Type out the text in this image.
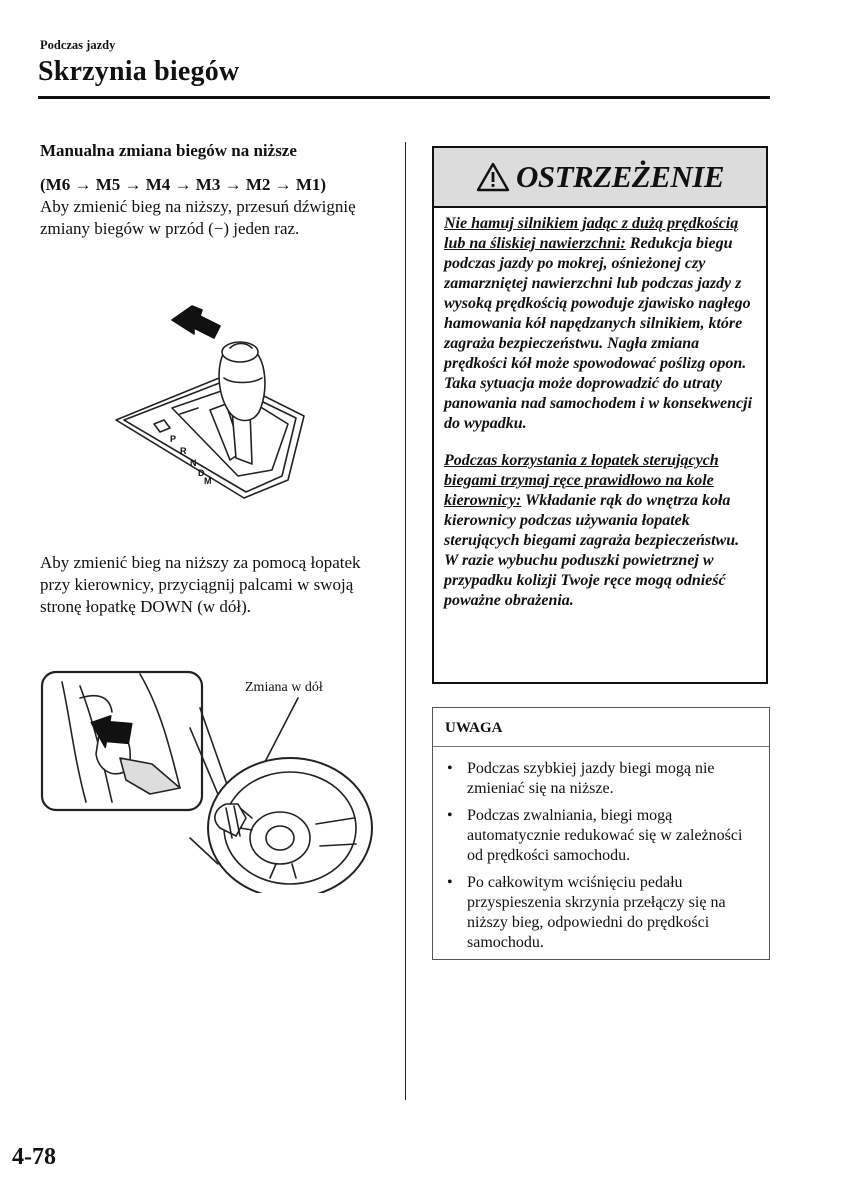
Podczas jazdy
Skrzynia biegów
Manualna zmiana biegów na niższe
(M6 → M5 → M4 → M3 → M2 → M1)

Aby zmienić bieg na niższy, przesuń dźwignię zmiany biegów w przód (−) jeden raz.

P
R
N
D
M

Aby zmienić bieg na niższy za pomocą łopatek przy kierownicy, przyciągnij palcami w swoją stronę łopatkę DOWN (w dół).

Zmiana w dół
OSTRZEŻENIE
Nie hamuj silnikiem jadąc z dużą prędkością lub na śliskiej nawierzchni: Redukcja biegu podczas jazdy po mokrej, ośnieżonej czy zamarzniętej nawierzchni lub podczas jazdy z wysoką prędkością powoduje zjawisko nagłego hamowania kół napędzanych silnikiem, które zagraża bezpieczeństwu. Nagła zmiana prędkości kół może spowodować poślizg opon. Taka sytuacja może doprowadzić do utraty panowania nad samochodem i w konsekwencji do wypadku.
Podczas korzystania z łopatek sterujących biegami trzymaj ręce prawidłowo na kole kierownicy: Wkładanie rąk do wnętrza koła kierownicy podczas używania łopatek sterujących biegami zagraża bezpieczeństwu. W razie wybuchu poduszki powietrznej w przypadku kolizji Twoje ręce mogą odnieść poważne obrażenia.
UWAGA
• Podczas szybkiej jazdy biegi mogą nie zmieniać się na niższe.
• Podczas zwalniania, biegi mogą automatycznie redukować się w zależności od prędkości samochodu.
• Po całkowitym wciśnięciu pedału przyspieszenia skrzynia przełączy się na niższy bieg, odpowiedni do prędkości samochodu.
4-78
